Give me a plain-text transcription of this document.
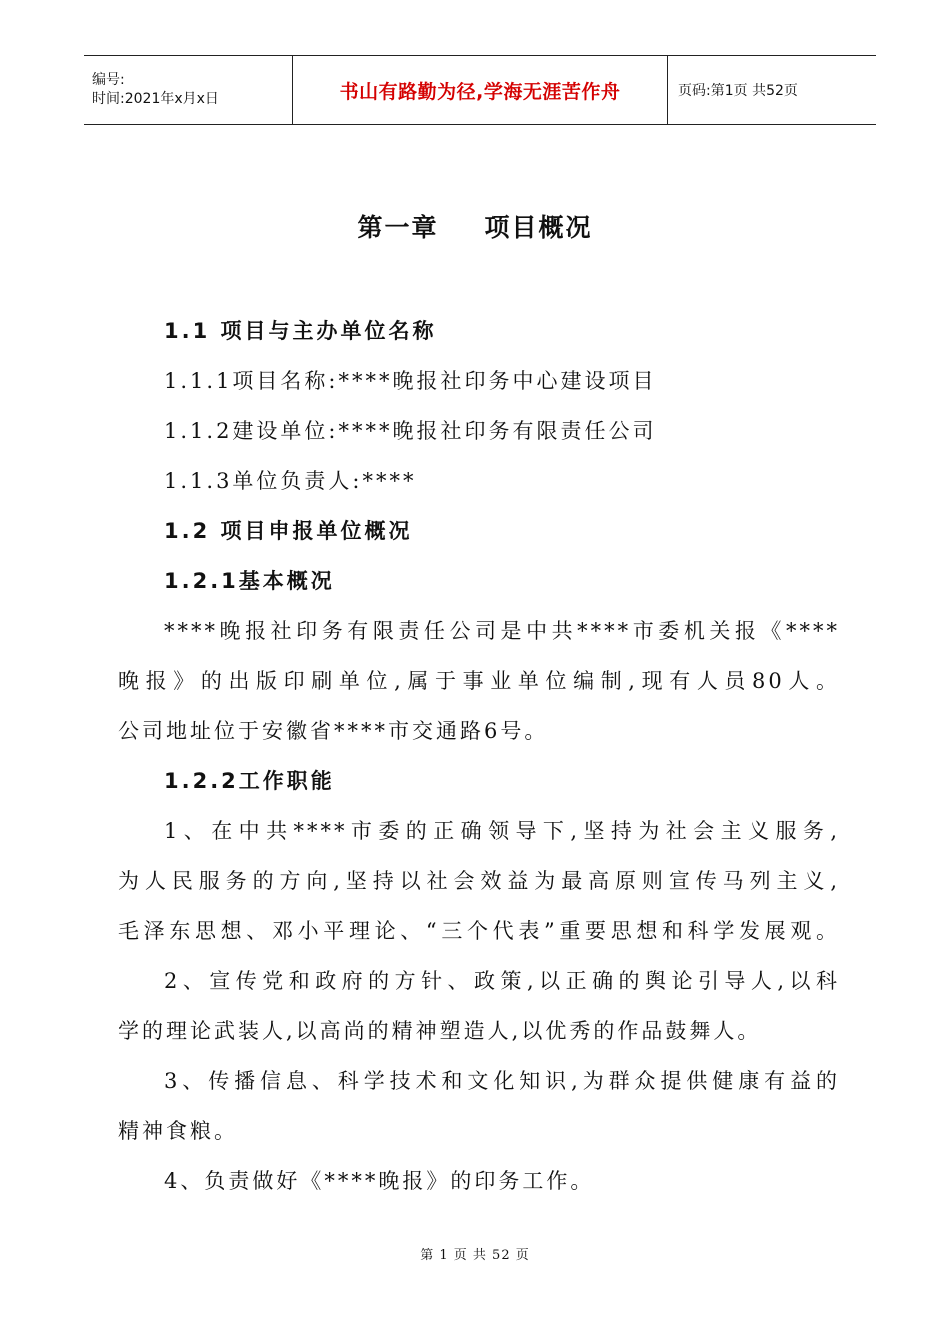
编号:
时间:2021年x月x日	书山有路勤为径,学海无涯苦作舟	页码:第1页 共52页
第一章 项目概况
1.1 项目与主办单位名称
1.1.1项目名称:****晚报社印务中心建设项目
1.1.2建设单位:****晚报社印务有限责任公司
1.1.3单位负责人:****
1.2 项目申报单位概况
1.2.1基本概况
****晚报社印务有限责任公司是中共****市委机关报《****
晚报》的出版印刷单位,属于事业单位编制,现有人员80人。
公司地址位于安徽省****市交通路6号。
1.2.2工作职能
1、在中共****市委的正确领导下,坚持为社会主义服务,
为人民服务的方向,坚持以社会效益为最高原则宣传马列主义,
毛泽东思想、邓小平理论、“三个代表”重要思想和科学发展观。
2、宣传党和政府的方针、政策,以正确的舆论引导人,以科
学的理论武装人,以高尚的精神塑造人,以优秀的作品鼓舞人。
3、传播信息、科学技术和文化知识,为群众提供健康有益的
精神食粮。
4、负责做好《****晚报》的印务工作。
第 1 页 共 52 页
